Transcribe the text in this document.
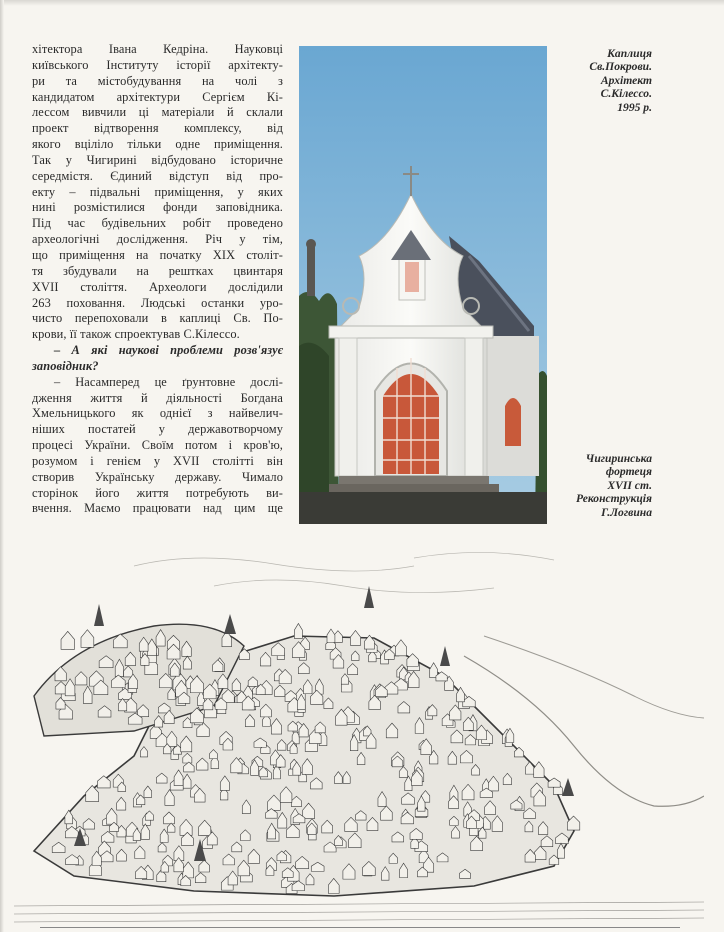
хітектора Івана Кедріна. Науковці
київського Інституту історії архітекту-
ри та містобудування на чолі з
кандидатом архітектури Сергієм Кі-
лессом вивчили ці матеріали й склали
проект відтворення комплексу, від
якого вціліло тільки одне приміщення.
Так у Чигирині відбудовано історичне
середмістя. Єдиний відступ від про-
екту – підвальні приміщення, у яких
нині розмістилися фонди заповідника.
Під час будівельних робіт проведено
археологічні дослідження. Річ у тім,
що приміщення на початку XIX століт-
тя збудували на рештках цвинтаря
XVII століття. Археологи дослідили
263 поховання. Людські останки уро-
чисто перепоховали в каплиці Св. По-
крови, її також спроектував С.Кілессо.

– А які наукові проблеми розв'язує
заповідник?

– Насамперед це ґрунтовне дослі-
дження життя й діяльності Богдана
Хмельницького як однієї з найвелич-
ніших постатей у державотворчому
процесі України. Своїм потом і кров'ю,
розумом і генієм у XVII столітті він
створив Українську державу. Чимало
сторінок його життя потребують ви-
вчення. Маємо працювати над цим ще

Каплиця
Св.Покрови.
Архітект
С.Кілессо.
1995 р.
Чигиринська
фортеця
XVII ст.
Реконструкція
Г.Логвина
